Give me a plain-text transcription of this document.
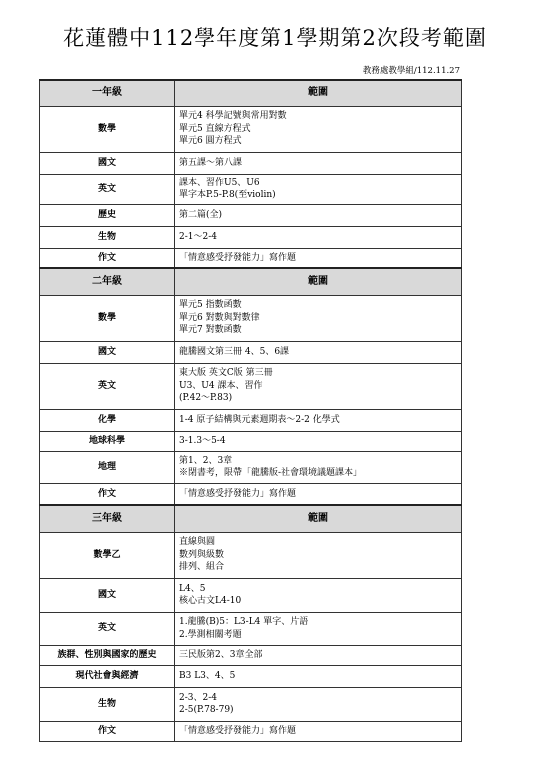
花蓮體中112學年度第1學期第2次段考範圍
教務處教學組/112.11.27
一年級	範圍
數學	單元4 科學記號與常用對數
單元5 直線方程式
單元6 圓方程式

國文	第五課～第八課

英文	課本、習作U5、U6
單字本P.5-P.8(至violin)

歷史	第二篇(全)

生物	2-1～2-4

作文	「情意感受抒發能力」寫作題

二年級	範圍
數學	單元5 指數函數
單元6 對數與對數律
單元7 對數函數

國文	龍騰國文第三冊 4、5、6課

英文	東大版 英文C版 第三冊
U3、U4 課本、習作
(P.42～P.83)

化學	1-4 原子結構與元素週期表～2-2 化學式

地球科學	3-1.3～5-4

地理	第1、2、3章
※閉書考，限帶「龍騰版-社會環境議題課本」

作文	「情意感受抒發能力」寫作題

三年級	範圍
數學乙	直線與圓
數列與級數
排列、組合

國文	L4、5
核心古文L4-10

英文	1.龍騰(B)5：L3-L4 單字、片語
2.學測相關考題

族群、性別與國家的歷史	三民版第2、3章全部

現代社會與經濟	B3 L3、4、5

生物	2-3、2-4
2-5(P.78-79)

作文	「情意感受抒發能力」寫作題
